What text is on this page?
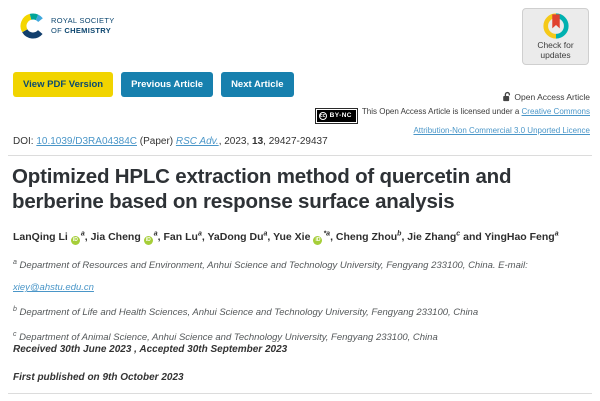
ROYAL SOCIETY
OF CHEMISTRY
Check for
updates
View PDF Version	Previous Article	Next Article
Open Access Article
cc BY-NC This Open Access Article is licensed under a Creative Commons Attribution-Non Commercial 3.0 Unported Licence
DOI: 10.1039/D3RA04384C (Paper) RSC Adv., 2023, 13, 29427-29437
Optimized HPLC extraction method of quercetin and berberine based on response surface analysis
LanQing Li $iD^a$, Jia Cheng $iD^a$, Fan Lu$^a$, YaDong Du$^a$, Yue Xie $iD^{*a}$, Cheng Zhou$^b$, Jie Zhang$^c$ and YingHao Feng$^a$
$^a$ Department of Resources and Environment, Anhui Science and Technology University, Fengyang 233100, China. E-mail: xiey@ahstu.edu.cn
$^b$ Department of Life and Health Sciences, Anhui Science and Technology University, Fengyang 233100, China
$^c$ Department of Animal Science, Anhui Science and Technology University, Fengyang 233100, China
Received 30th June 2023 , Accepted 30th September 2023
First published on 9th October 2023
